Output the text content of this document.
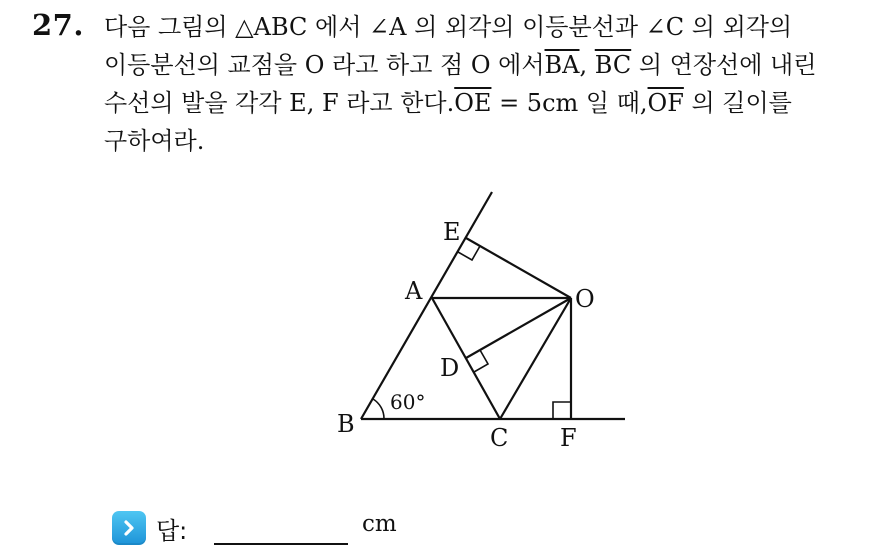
27. 다음 그림의 △ABC 에서 ∠A 의 외각의 이등분선과 ∠C 의 외각의
이등분선의 교점을 O 라고 하고 점 O 에서$\overline{BA}$, $\overline{BC}$ 의 연장선에 내린
수선의 발을 각각 E, F 라고 한다$.\overline{OE} = 5cm$ 일 때$,\overline{OF}$ 의 길이를
구하여라.
E
A	O
D
B	C F
60°
답:	cm
